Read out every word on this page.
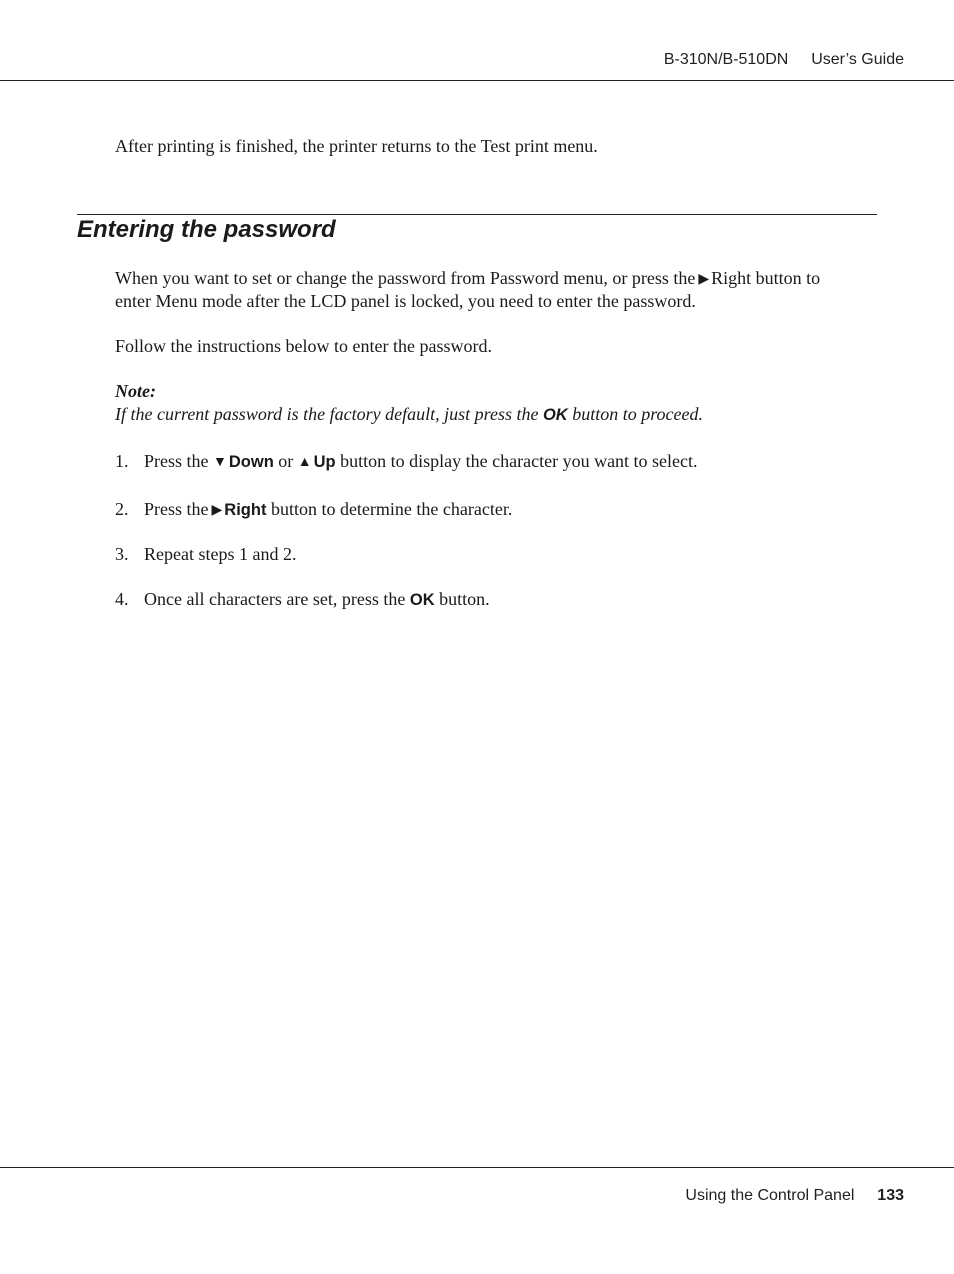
B-310N/B-510DN User’s Guide
After printing is finished, the printer returns to the Test print menu.
Entering the password
When you want to set or change the password from Password menu, or press the ▶ Right button to
enter Menu mode after the LCD panel is locked, you need to enter the password.
Follow the instructions below to enter the password.
Note:
If the current password is the factory default, just press the OK button to proceed.
1. Press the ▼ Down or ▲ Up button to display the character you want to select.
2. Press the ▶ Right button to determine the character.
3. Repeat steps 1 and 2.
4. Once all characters are set, press the OK button.
Using the Control Panel 133
